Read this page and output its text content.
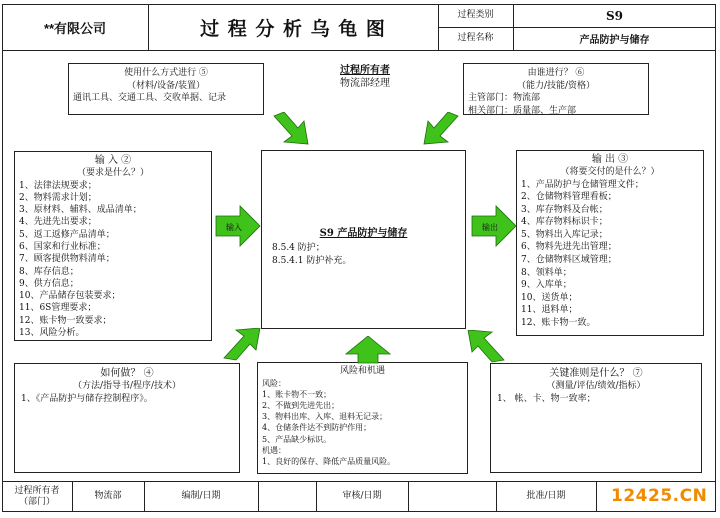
**有限公司	过 程 分 析 乌 龟 图
过程类别	S9
过程名称	产品防护与储存
使用什么方式进行 ⑤
（材料/设备/装置）
通讯工具、交通工具、交收单据、记录
过程所有者
物流部经理
由谁进行？ ⑥
（能力/技能/资格）
主管部门：物流部
相关部门：质量部、生产部
输 入 ②
（要求是什么？）
1、法律法规要求；
2、物料需求计划；
3、原材料、辅料、成品清单；
4、先进先出要求；
5、返工返修产品清单；
6、国家和行业标准；
7、顾客提供物料清单；
8、库存信息；
9、供方信息；
10、产品储存包装要求；
11、6S管理要求；
12、账卡物一致要求；
13、风险分析。
S9 产品防护与储存
8.5.4 防护；
8.5.4.1 防护补充。
输 出 ③
（将要交付的是什么？）
1、产品防护与仓储管理文件；
2、仓储物料管理看板；
3、库存物料及台帐；
4、库存物料标识卡；
5、物料出入库记录；
6、物料先进先出管理；
7、仓储物料区域管理；
8、领料单；
9、入库单；
10、送货单；
11、退料单；
12、账卡物一致。
如何做？ ④
（方法/指导书/程序/技术）
1、《产品防护与储存控制程序》。
风险和机遇
风险：
1、账卡物不一致；
2、不做到先进先出；
3、物料出库、入库、退料无记录；
4、仓储条件达不到防护作用；
5、产品缺少标识。
机遇：
1、良好的保存、降低产品质量风险。
关键准则是什么？ ⑦
（测量/评估/绩效/指标）
1、 帐、卡、物一致率；
输入	输出
过程所有者
（部门）
物流部	编制/日期	审核/日期	批准/日期	12425.CN
